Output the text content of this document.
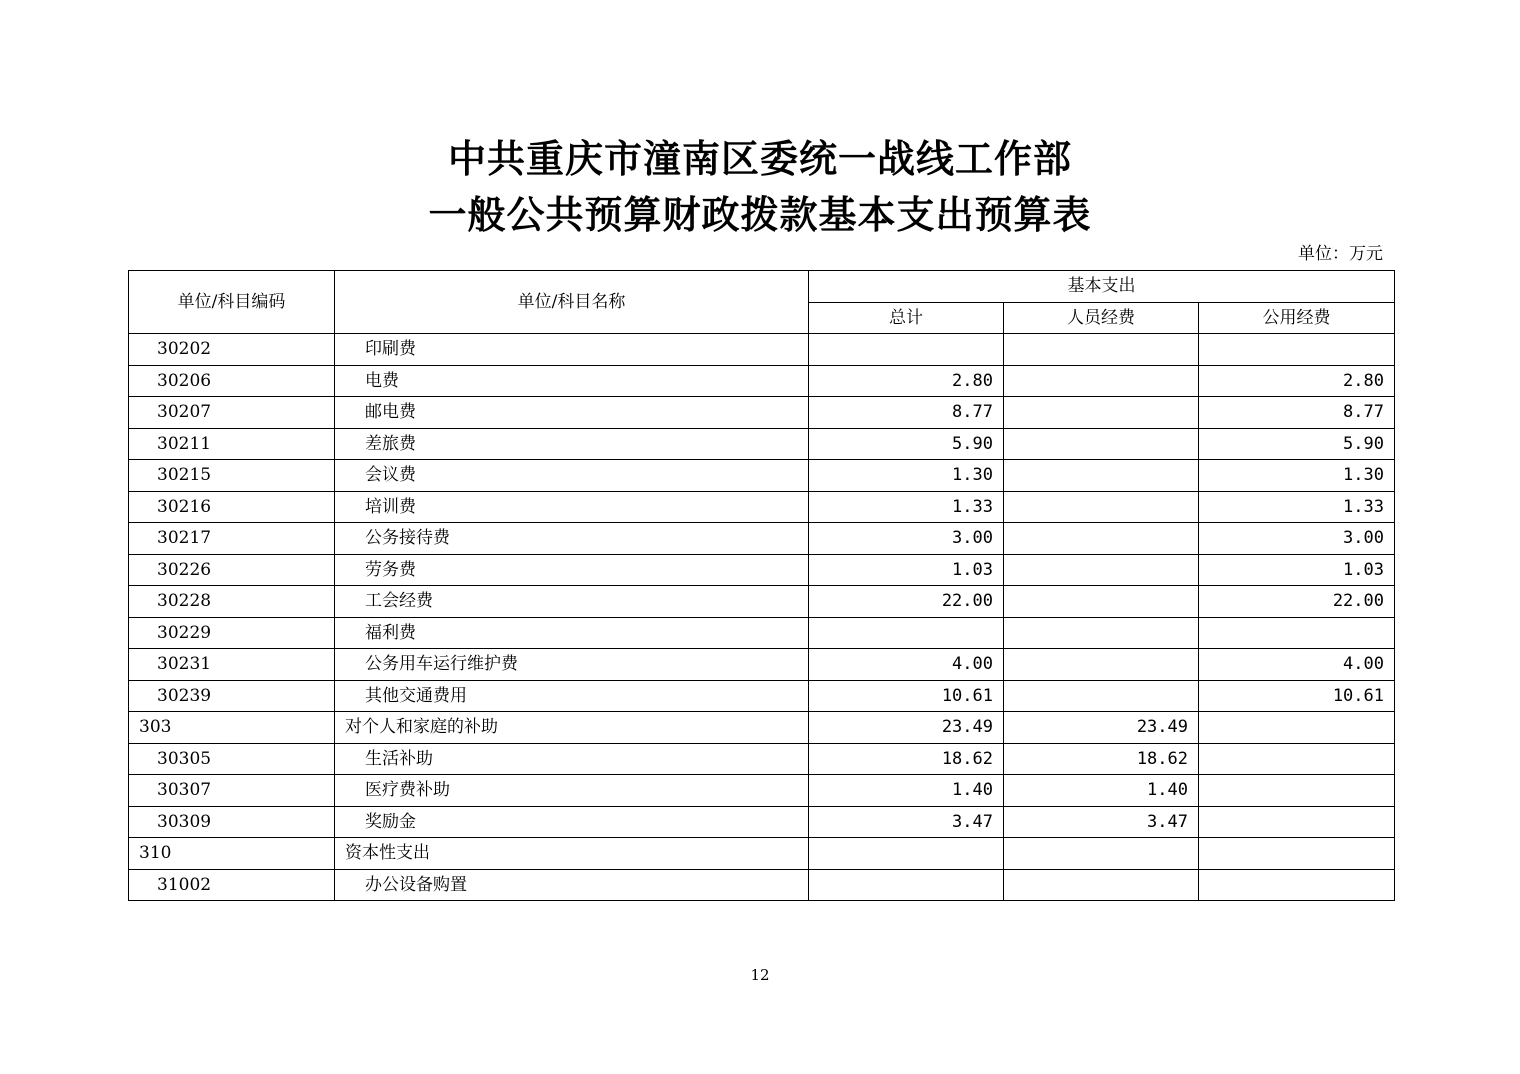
中共重庆市潼南区委统一战线工作部
一般公共预算财政拨款基本支出预算表
单位：万元
单位/科目编码	单位/科目名称	基本支出		
		总计	人员经费	公用经费
30202	印刷费			
30206	电费	2.80		2.80
30207	邮电费	8.77		8.77
30211	差旅费	5.90		5.90
30215	会议费	1.30		1.30
30216	培训费	1.33		1.33
30217	公务接待费	3.00		3.00
30226	劳务费	1.03		1.03
30228	工会经费	22.00		22.00
30229	福利费			
30231	公务用车运行维护费	4.00		4.00
30239	其他交通费用	10.61		10.61
303	对个人和家庭的补助	23.49	23.49	
30305	生活补助	18.62	18.62	
30307	医疗费补助	1.40	1.40	
30309	奖励金	3.47	3.47	
310	资本性支出			
31002	办公设备购置			
12
